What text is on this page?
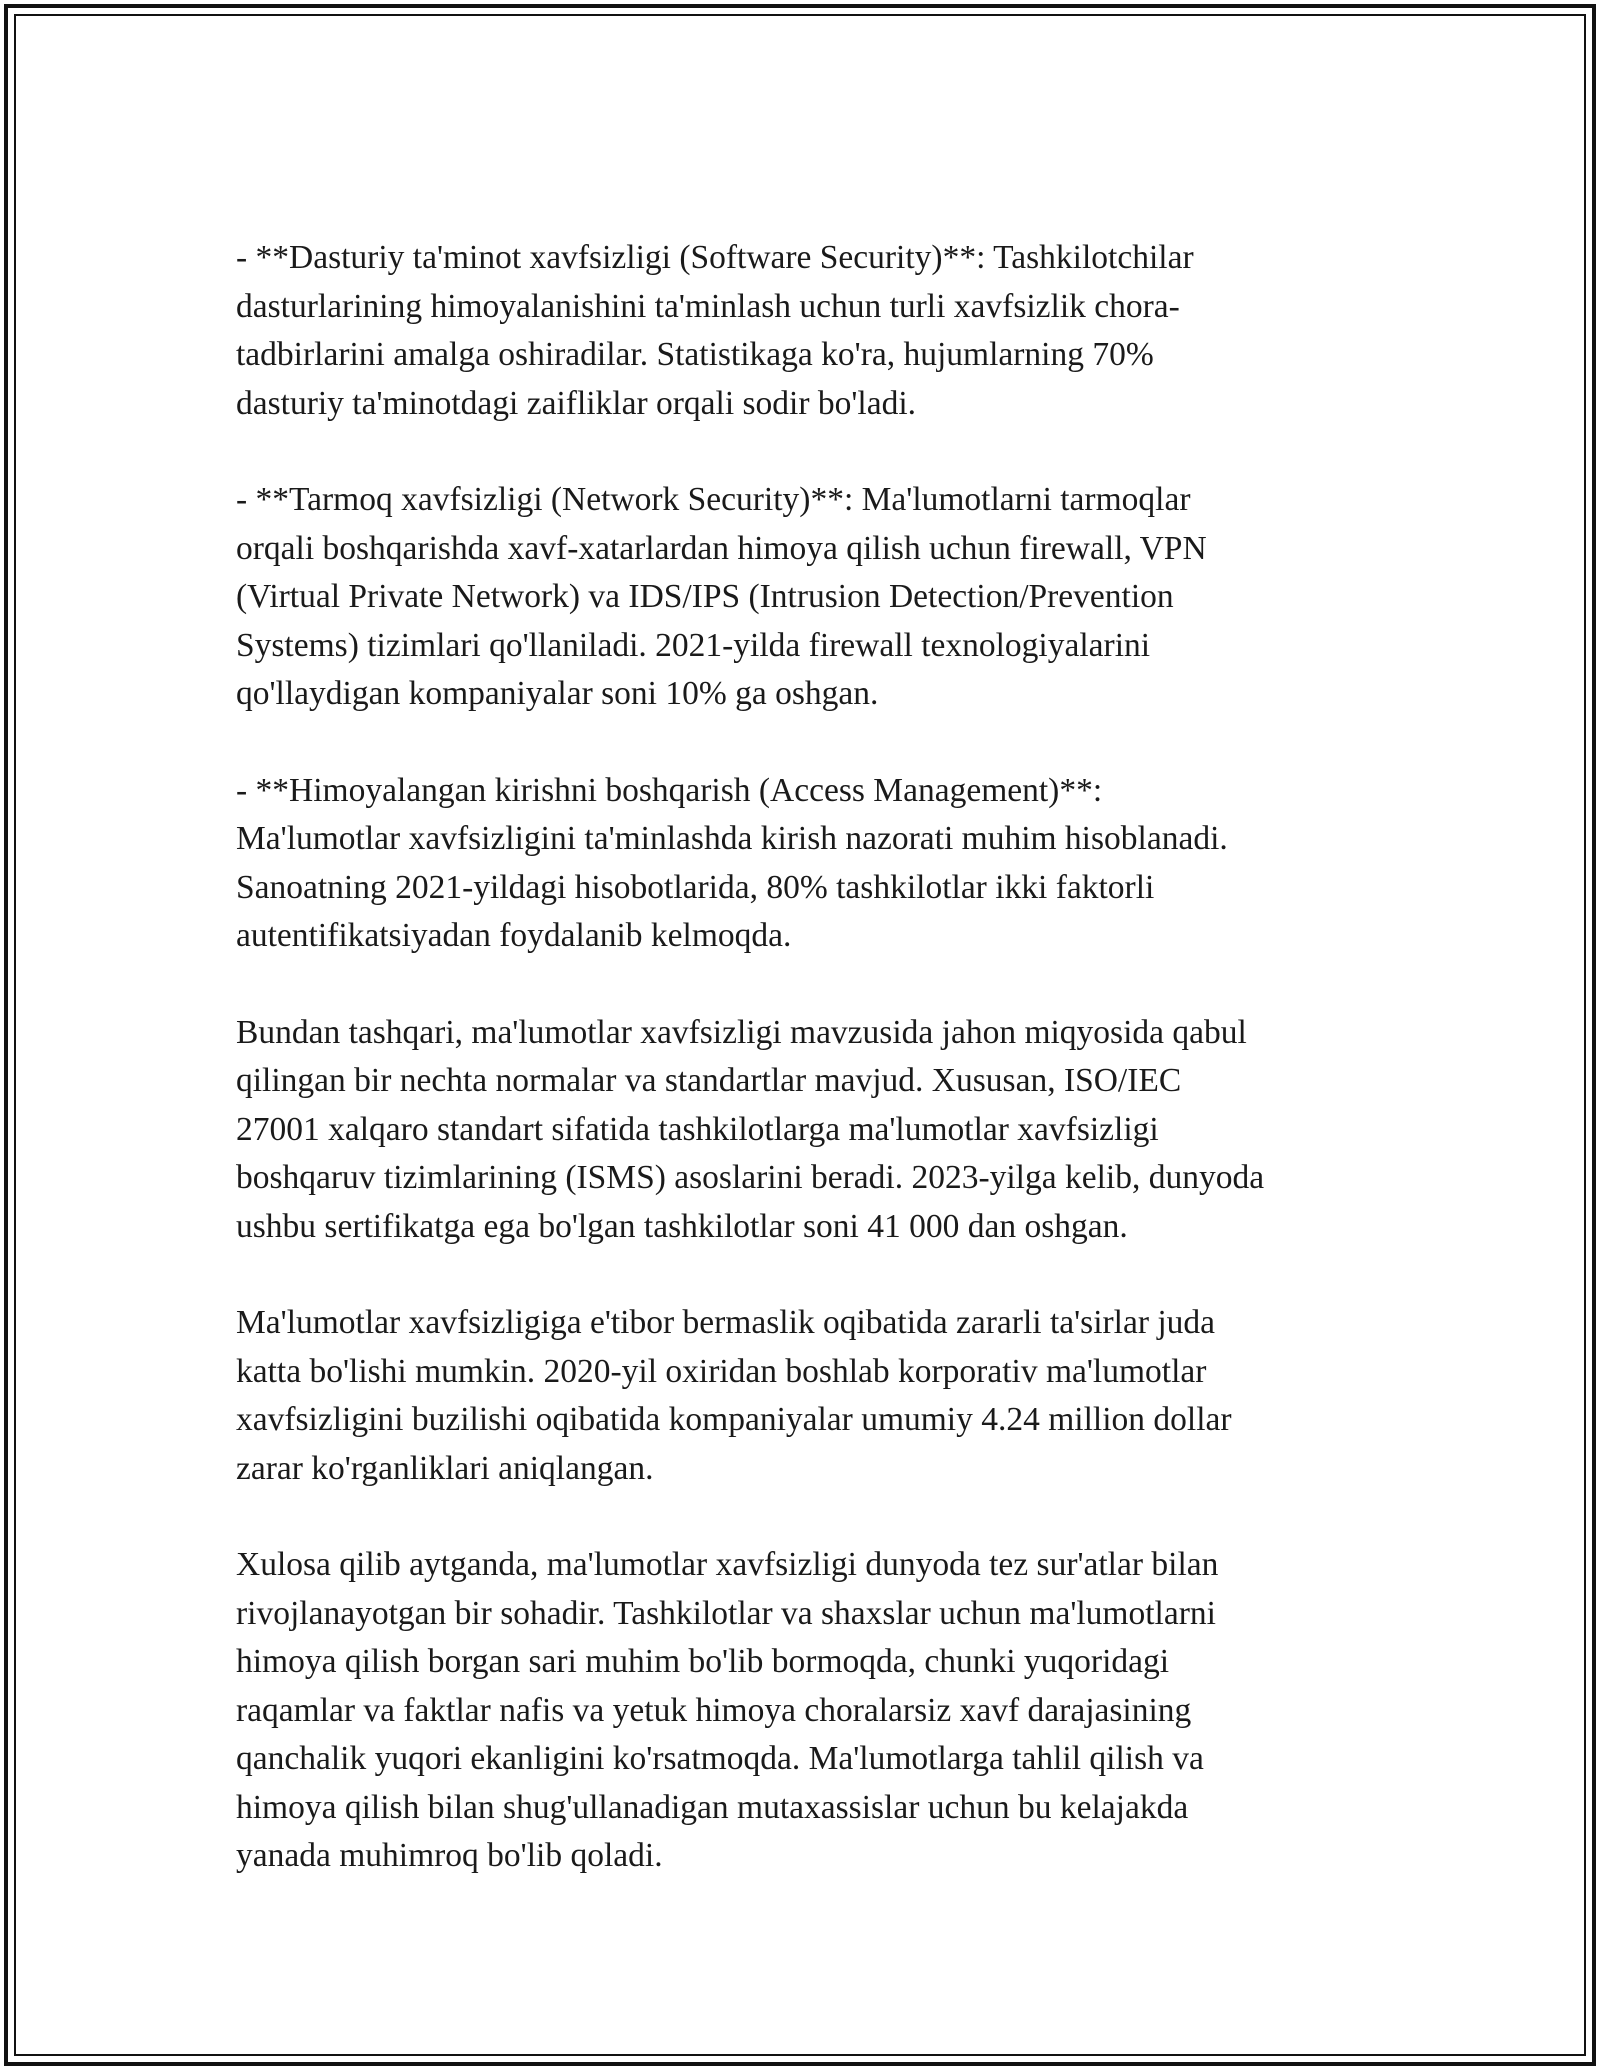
- **Dasturiy ta'minot xavfsizligi (Software Security)**: Tashkilotchilar
dasturlarining himoyalanishini ta'minlash uchun turli xavfsizlik chora-
tadbirlarini amalga oshiradilar. Statistikaga ko'ra, hujumlarning 70%
dasturiy ta'minotdagi zaifliklar orqali sodir bo'ladi.

- **Tarmoq xavfsizligi (Network Security)**: Ma'lumotlarni tarmoqlar
orqali boshqarishda xavf-xatarlardan himoya qilish uchun firewall, VPN
(Virtual Private Network) va IDS/IPS (Intrusion Detection/Prevention
Systems) tizimlari qo'llaniladi. 2021-yilda firewall texnologiyalarini
qo'llaydigan kompaniyalar soni 10% ga oshgan.

- **Himoyalangan kirishni boshqarish (Access Management)**:
Ma'lumotlar xavfsizligini ta'minlashda kirish nazorati muhim hisoblanadi.
Sanoatning 2021-yildagi hisobotlarida, 80% tashkilotlar ikki faktorli
autentifikatsiyadan foydalanib kelmoqda.

Bundan tashqari, ma'lumotlar xavfsizligi mavzusida jahon miqyosida qabul
qilingan bir nechta normalar va standartlar mavjud. Xususan, ISO/IEC
27001 xalqaro standart sifatida tashkilotlarga ma'lumotlar xavfsizligi
boshqaruv tizimlarining (ISMS) asoslarini beradi. 2023-yilga kelib, dunyoda
ushbu sertifikatga ega bo'lgan tashkilotlar soni 41 000 dan oshgan.

Ma'lumotlar xavfsizligiga e'tibor bermaslik oqibatida zararli ta'sirlar juda
katta bo'lishi mumkin. 2020-yil oxiridan boshlab korporativ ma'lumotlar
xavfsizligini buzilishi oqibatida kompaniyalar umumiy 4.24 million dollar
zarar ko'rganliklari aniqlangan.

Xulosa qilib aytganda, ma'lumotlar xavfsizligi dunyoda tez sur'atlar bilan
rivojlanayotgan bir sohadir. Tashkilotlar va shaxslar uchun ma'lumotlarni
himoya qilish borgan sari muhim bo'lib bormoqda, chunki yuqoridagi
raqamlar va faktlar nafis va yetuk himoya choralarsiz xavf darajasining
qanchalik yuqori ekanligini ko'rsatmoqda. Ma'lumotlarga tahlil qilish va
himoya qilish bilan shug'ullanadigan mutaxassislar uchun bu kelajakda
yanada muhimroq bo'lib qoladi.
